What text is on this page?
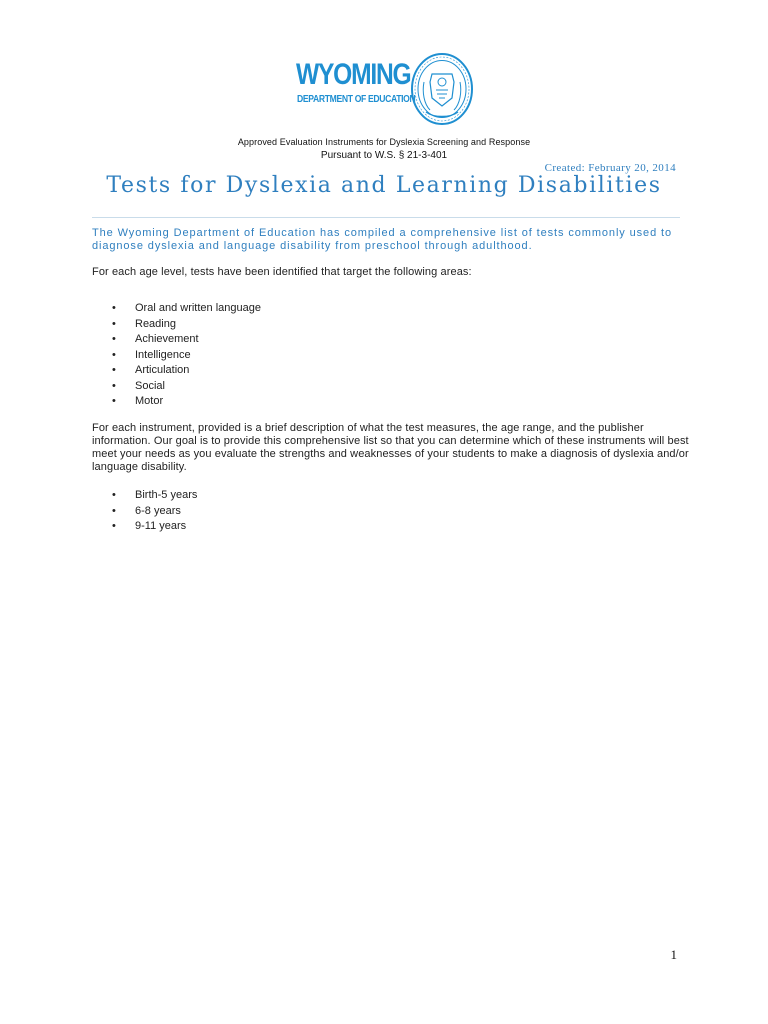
WYOMING
DEPARTMENT OF EDUCATION
Approved Evaluation Instruments for Dyslexia Screening and Response
Pursuant to W.S. § 21-3-401
Created: February 20, 2014
Tests for Dyslexia and Learning Disabilities
The Wyoming Department of Education has compiled a comprehensive list of tests commonly used to diagnose dyslexia and language disability from preschool through adulthood.
For each age level, tests have been identified that target the following areas:
• Oral and written language
• Reading
• Achievement
• Intelligence
• Articulation
• Social
• Motor
For each instrument, provided is a brief description of what the test measures, the age range, and the publisher information. Our goal is to provide this comprehensive list so that you can determine which of these instruments will best meet your needs as you evaluate the strengths and weaknesses of your students to make a diagnosis of dyslexia and/or language disability.
• Birth-5 years
• 6-8 years
• 9-11 years
1
